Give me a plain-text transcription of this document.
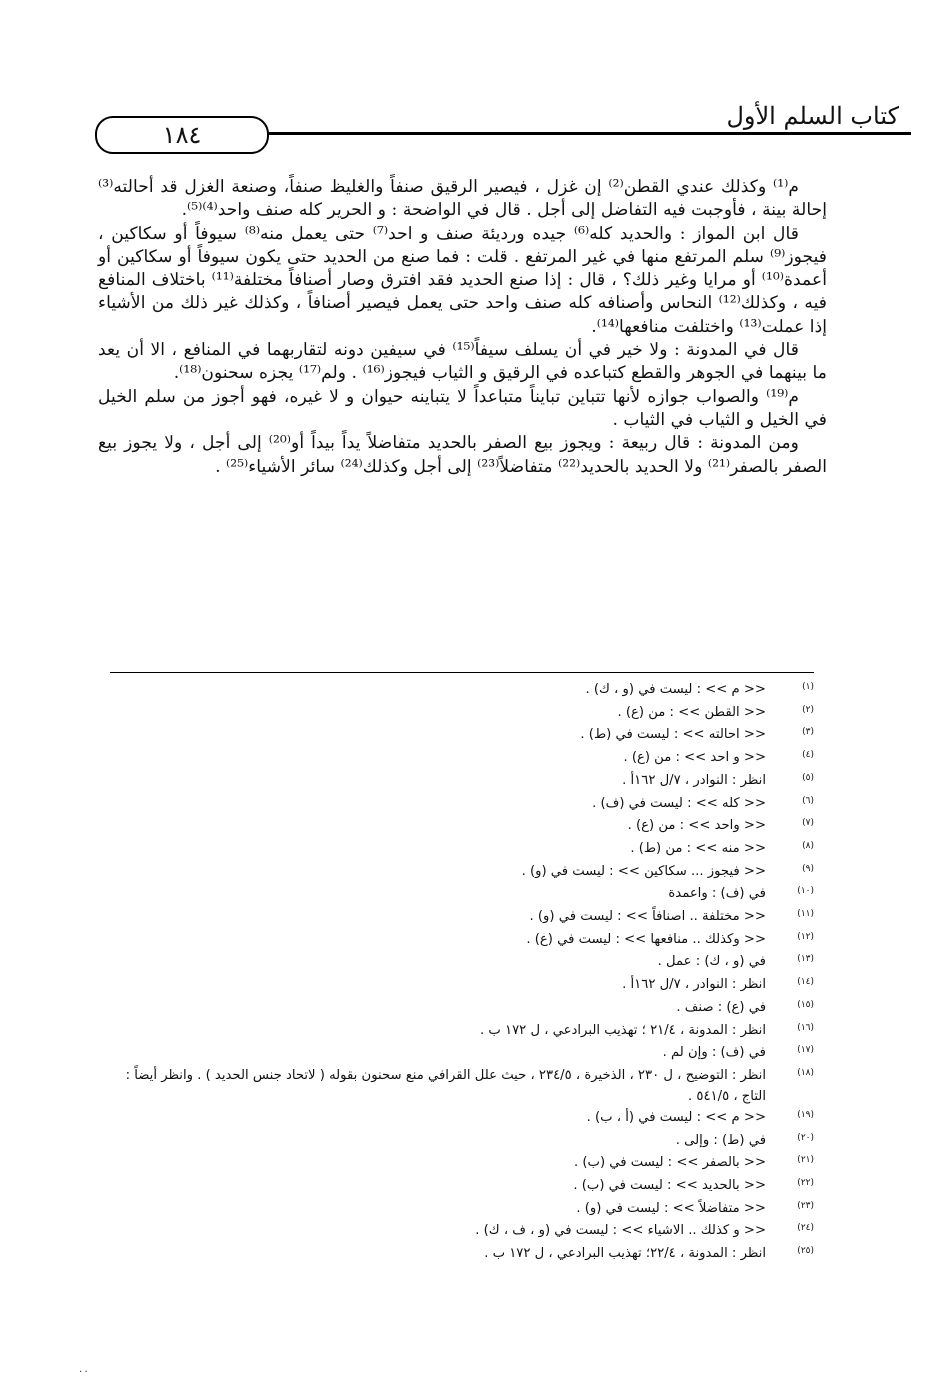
كتاب السلم الأول
١٨٤

م⁽¹⁾ وكذلك عندي القطن⁽²⁾ إن غزل ، فيصير الرقيق صنفاً والغليظ صنفاً، وصنعة الغزل قد أحالته⁽³⁾ إحالة بينة ، فأوجبت فيه التفاضل إلى أجل . قال في الواضحة : و الحرير كله صنف واحد⁽⁴⁾⁽⁵⁾.

قال ابن المواز : والحديد كله⁽⁶⁾ جيده ورديئة صنف و احد⁽⁷⁾ حتى يعمل منه⁽⁸⁾ سيوفاً أو سكاكين ، فيجوز⁽⁹⁾ سلم المرتفع منها في غير المرتفع . قلت : فما صنع من الحديد حتى يكون سيوفاً أو سكاكين أو أعمدة⁽¹⁰⁾ أو مرايا وغير ذلك؟ ، قال : إذا صنع الحديد فقد افترق وصار أصنافاً مختلفة⁽¹¹⁾ باختلاف المنافع فيه ، وكذلك⁽¹²⁾ النحاس وأصنافه كله صنف واحد حتى يعمل فيصير أصنافاً ، وكذلك غير ذلك من الأشياء إذا عملت⁽¹³⁾ واختلفت منافعها⁽¹⁴⁾.

قال في المدونة : ولا خير في أن يسلف سيفاً⁽¹⁵⁾ في سيفين دونه لتقاربهما في المنافع ، الا أن يعد ما بينهما في الجوهر والقطع كتباعده في الرقيق و الثياب فيجوز⁽¹⁶⁾ . ولم⁽¹⁷⁾ يجزه سحنون⁽¹⁸⁾.

م⁽¹⁹⁾ والصواب جوازه لأنها تتباين تبايناً متباعداً لا يتباينه حيوان و لا غيره، فهو أجوز من سلم الخيل في الخيل و الثياب في الثياب .

ومن المدونة : قال ربيعة : ويجوز بيع الصفر بالحديد متفاضلاً يداً بيداً أو⁽²⁰⁾ إلى أجل ، ولا يجوز بيع الصفر بالصفر⁽²¹⁾ ولا الحديد بالحديد⁽²²⁾ متفاضلاً⁽²³⁾ إلى أجل وكذلك⁽²⁴⁾ سائر الأشياء⁽²⁵⁾ .

(١)
<< م >> : ليست في (و ، ك) .
(٢)
<< القطن >> : من (ع) .
(٣)
<< احالته >> : ليست في (ط) .
(٤)
<< و احد >> : من (ع) .
(٥)
انظر : النوادر ، ٧/ل ١٦٢أ .
(٦)
<< كله >> : ليست في (ف) .
(٧)
<< واحد >> : من (ع) .
(٨)
<< منه >> : من (ط) .
(٩)
<< فيجوز ... سكاكين >> : ليست في (و) .
(١٠)
في (ف) : واعمدة
(١١)
<< مختلفة .. اصنافاً >> : ليست في (و) .
(١٢)
<< وكذلك .. منافعها >> : ليست في (ع) .
(١٣)
في (و ، ك) : عمل .
(١٤)
انظر : النوادر ، ٧/ل ١٦٢أ .
(١٥)
في (ع) : صنف .
(١٦)
انظر : المدونة ، ٢١/٤ ؛ تهذيب البرادعي ، ل ١٧٢ ب .
(١٧)
في (ف) : وإن لم .
(١٨)
انظر : التوضيح ، ل ٢٣٠ ، الذخيرة ، ٢٣٤/٥ ، حيث علل القرافي منع سحنون بقوله ( لاتحاد جنس الحديد ) . وانظر أيضاً : التاج ، ٥٤١/٥ .
(١٩)
<< م >> : ليست في (أ ، ب) .
(٢٠)
في (ط) : وإلى .
(٢١)
<< بالصفر >> : ليست في (ب) .
(٢٢)
<< بالحديد >> : ليست في (ب) .
(٢٣)
<< متفاضلاً >> : ليست في (و) .
(٢٤)
<< و كذلك .. الاشياء >> : ليست في (و ، ف ، ك) .
(٢٥)
انظر : المدونة ، ٢٢/٤؛ تهذيب البرادعي ، ل ١٧٢ ب .
٠٠
